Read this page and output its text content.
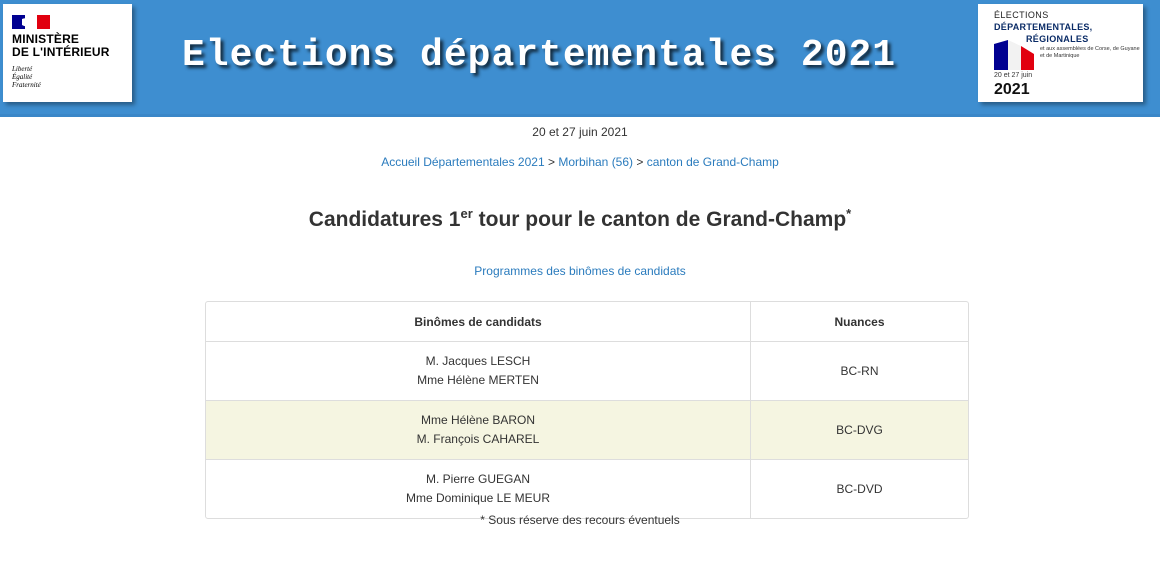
MINISTÈRE
DE L'INTÉRIEUR
Liberté
Égalité
Fraternité
Elections départementales 2021
ÉLECTIONS
DÉPARTEMENTALES,
RÉGIONALES
et aux assemblées de Corse, de Guyane et de Martinique
20 et 27 juin
2021
20 et 27 juin 2021
Accueil Départementales 2021 > Morbihan (56) > canton de Grand-Champ
Candidatures 1er tour pour le canton de Grand-Champ*
Programmes des binômes de candidats
Binômes de candidats	Nuances

M. Jacques LESCH
Mme Hélène MERTEN	BC-RN

Mme Hélène BARON
M. François CAHAREL	BC-DVG

M. Pierre GUEGAN
Mme Dominique LE MEUR	BC-DVD
* Sous réserve des recours éventuels
